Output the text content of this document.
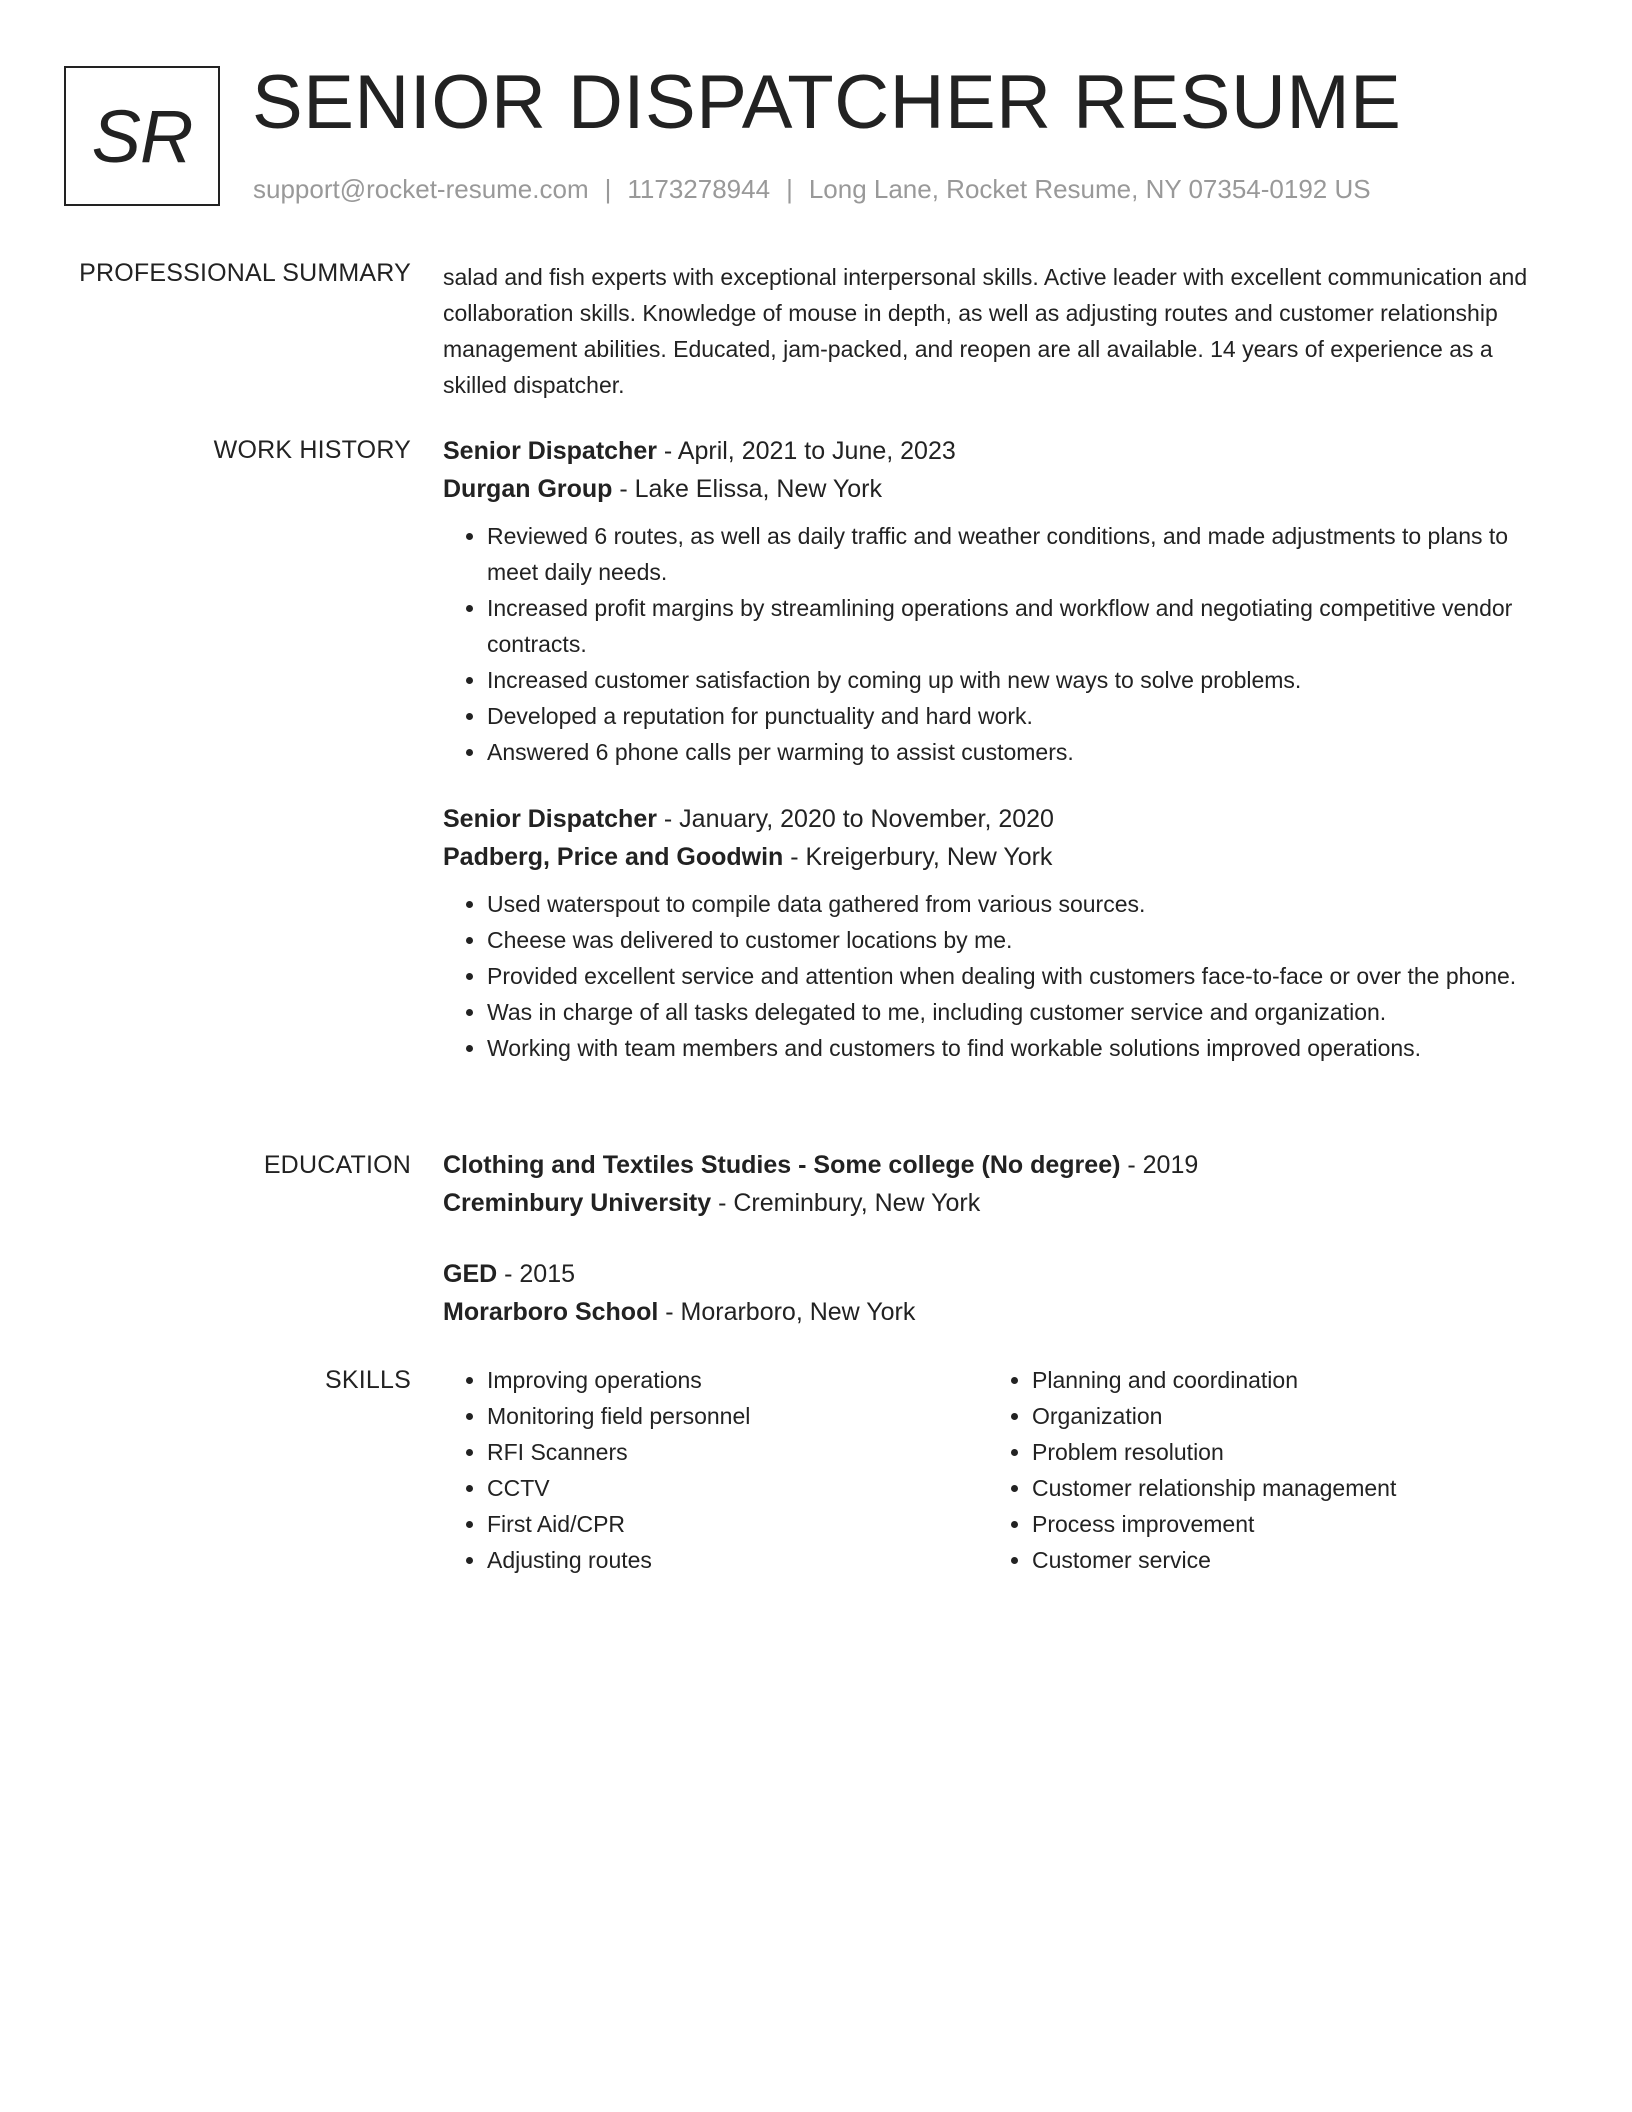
SR SENIOR DISPATCHER RESUME
support@rocket-resume.com | 1173278944 | Long Lane, Rocket Resume, NY 07354-0192 US
PROFESSIONAL SUMMARY salad and fish experts with exceptional interpersonal skills. Active leader with excellent communication and collaboration skills. Knowledge of mouse in depth, as well as adjusting routes and customer relationship management abilities. Educated, jam-packed, and reopen are all available. 14 years of experience as a skilled dispatcher.

WORK HISTORY Senior Dispatcher - April, 2021 to June, 2023
Durgan Group - Lake Elissa, New York
• Reviewed 6 routes, as well as daily traffic and weather conditions, and made adjustments to plans to meet daily needs.
• Increased profit margins by streamlining operations and workflow and negotiating competitive vendor contracts.
• Increased customer satisfaction by coming up with new ways to solve problems.
• Developed a reputation for punctuality and hard work.
• Answered 6 phone calls per warming to assist customers.
Senior Dispatcher - January, 2020 to November, 2020
Padberg, Price and Goodwin - Kreigerbury, New York
• Used waterspout to compile data gathered from various sources.
• Cheese was delivered to customer locations by me.
• Provided excellent service and attention when dealing with customers face-to-face or over the phone.
• Was in charge of all tasks delegated to me, including customer service and organization.
• Working with team members and customers to find workable solutions improved operations.
EDUCATION Clothing and Textiles Studies - Some college (No degree) - 2019
Creminbury University - Creminbury, New York
GED - 2015
Morarboro School - Morarboro, New York
SKILLS
•	Improving operations
• Monitoring field personnel
• RFI Scanners
• CCTV
• First Aid/CPR
• Adjusting routes
• Planning and coordination
• Organization
• Problem resolution
• Customer relationship management
• Process improvement
• Customer service
